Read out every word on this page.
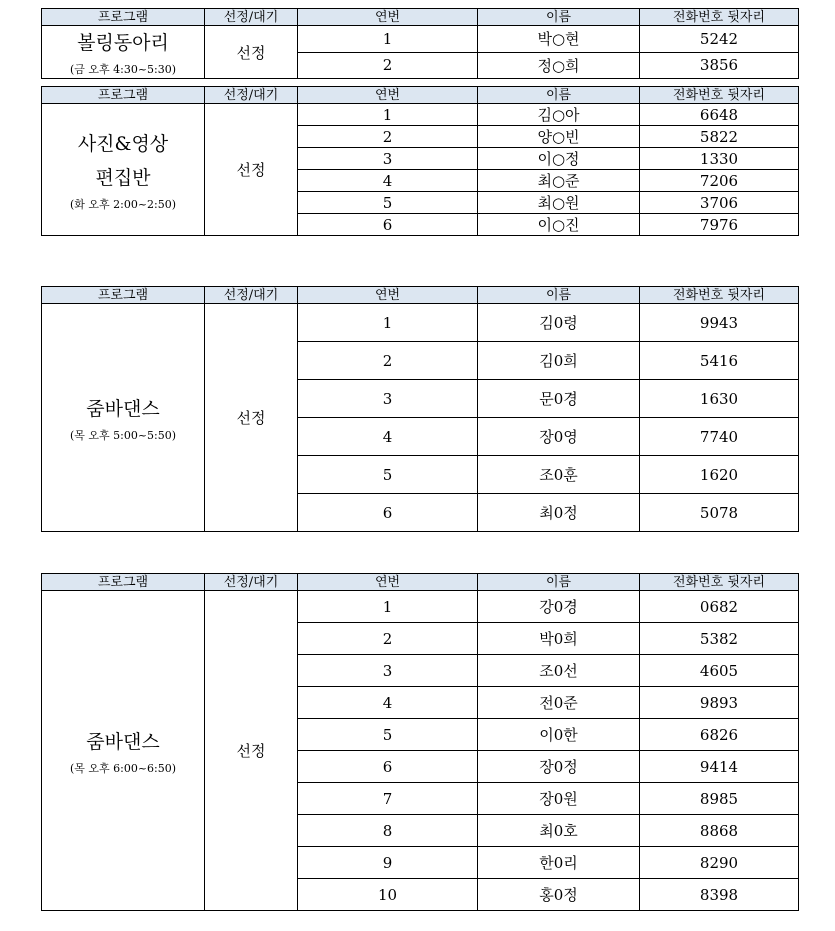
프로그램	선정/대기	연번	이름	전화번호 뒷자리

볼링동아리
(금 오후 4:30~5:30)	선정	1	박○현	5242
		2	정○희	3856
프로그램	선정/대기	연번	이름	전화번호 뒷자리

사진&영상
편집반
(화 오후 2:00~2:50)	선정	1	김○아	6648
		2	양○빈	5822
		3	이○정	1330
		4	최○준	7206
		5	최○원	3706
		6	이○진	7976
프로그램	선정/대기	연번	이름	전화번호 뒷자리

줌바댄스
(목 오후 5:00~5:50)	선정	1	김0령	9943
		2	김0희	5416
		3	문0경	1630
		4	장0영	7740
		5	조0훈	1620
		6	최0정	5078
프로그램	선정/대기	연번	이름	전화번호 뒷자리

줌바댄스
(목 오후 6:00~6:50)	선정	1	강0경	0682
		2	박0희	5382
		3	조0선	4605
		4	전0준	9893
		5	이0한	6826
		6	장0정	9414
		7	장0원	8985
		8	최0호	8868
		9	한0리	8290
		10	홍0정	8398
